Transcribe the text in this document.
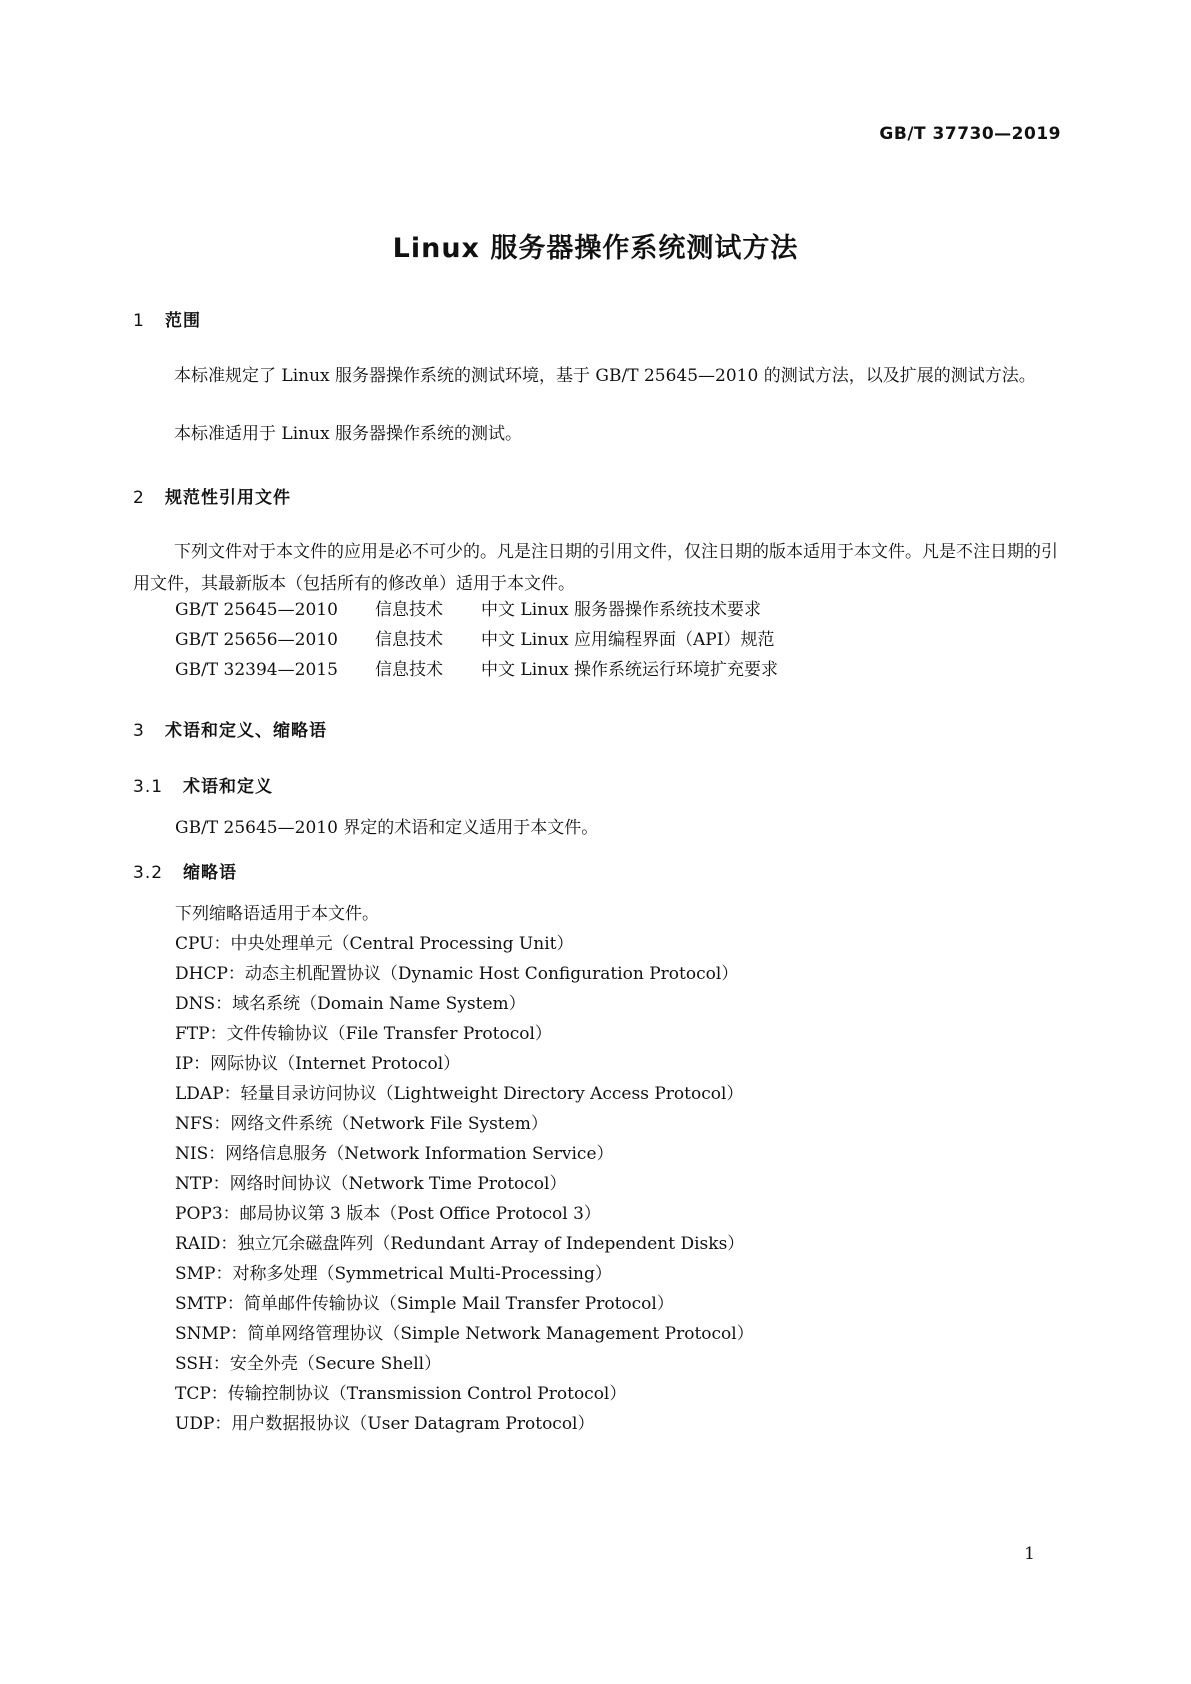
GB/T 37730—2019
Linux 服务器操作系统测试方法
1 范围

本标准规定了 Linux 服务器操作系统的测试环境，基于 GB/T 25645—2010 的测试方法，以及扩展的测试方法。

本标准适用于 Linux 服务器操作系统的测试。

2 规范性引用文件

下列文件对于本文件的应用是必不可少的。凡是注日期的引用文件，仅注日期的版本适用于本文件。凡是不注日期的引用文件，其最新版本（包括所有的修改单）适用于本文件。

GB/T 25645—2010 信息技术 中文 Linux 服务器操作系统技术要求

GB/T 25656—2010 信息技术 中文 Linux 应用编程界面（API）规范

GB/T 32394—2015 信息技术 中文 Linux 操作系统运行环境扩充要求

3 术语和定义、缩略语
3.1 术语和定义

GB/T 25645—2010 界定的术语和定义适用于本文件。

3.2 缩略语

下列缩略语适用于本文件。

CPU：中央处理单元（Central Processing Unit）

DHCP：动态主机配置协议（Dynamic Host Configuration Protocol）

DNS：域名系统（Domain Name System）

FTP：文件传输协议（File Transfer Protocol）

IP：网际协议（Internet Protocol）

LDAP：轻量目录访问协议（Lightweight Directory Access Protocol）

NFS：网络文件系统（Network File System）

NIS：网络信息服务（Network Information Service）

NTP：网络时间协议（Network Time Protocol）

POP3：邮局协议第 3 版本（Post Office Protocol 3）

RAID：独立冗余磁盘阵列（Redundant Array of Independent Disks）

SMP：对称多处理（Symmetrical Multi-Processing）

SMTP：简单邮件传输协议（Simple Mail Transfer Protocol）

SNMP：简单网络管理协议（Simple Network Management Protocol）

SSH：安全外壳（Secure Shell）

TCP：传输控制协议（Transmission Control Protocol）

UDP：用户数据报协议（User Datagram Protocol）

1
